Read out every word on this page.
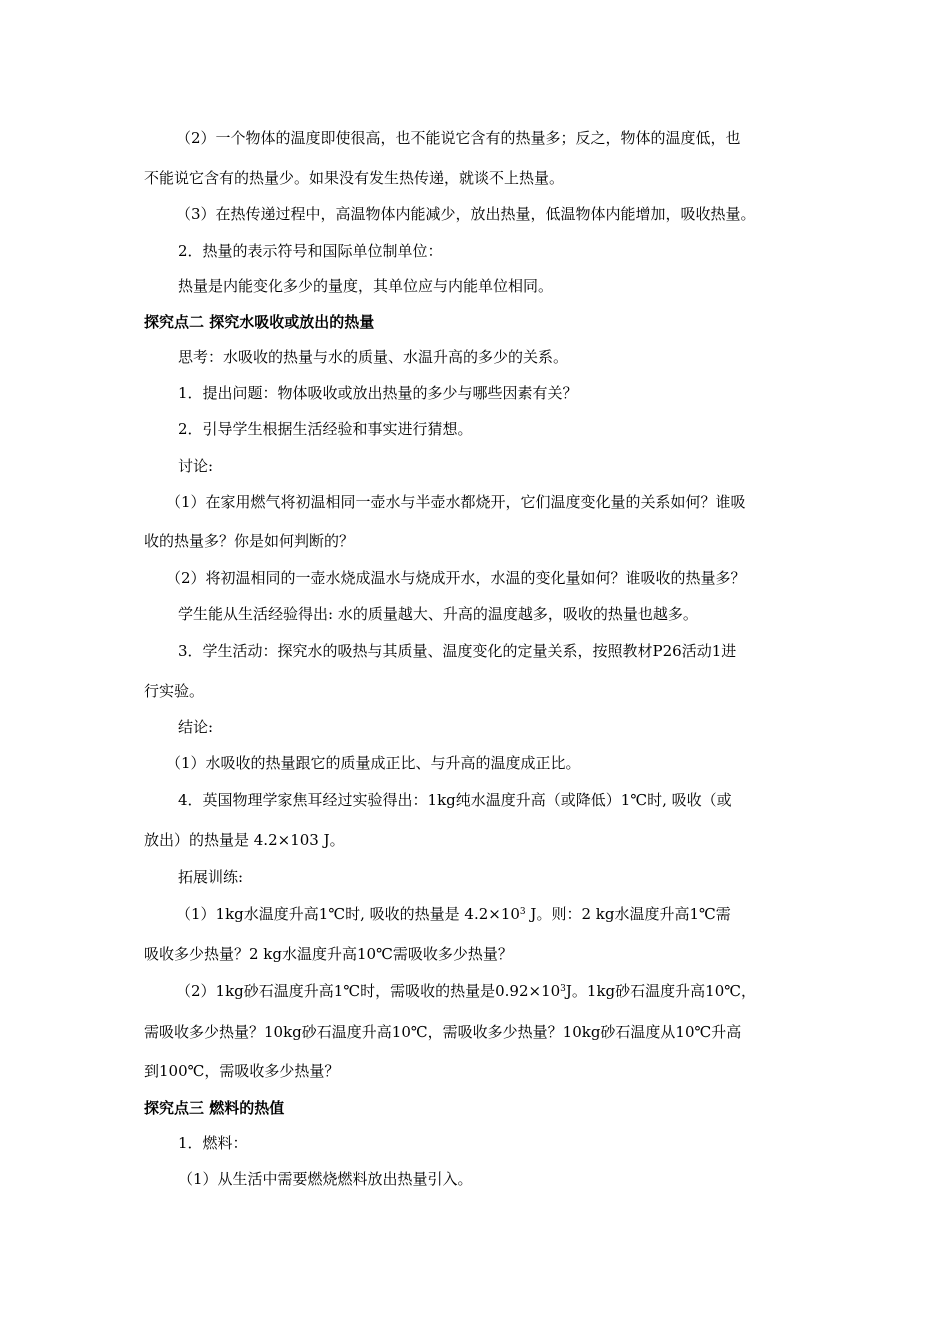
（2）一个物体的温度即使很高，也不能说它含有的热量多；反之，物体的温度低，也
不能说它含有的热量少。如果没有发生热传递，就谈不上热量。
（3）在热传递过程中，高温物体内能减少，放出热量，低温物体内能增加，吸收热量。
2．热量的表示符号和国际单位制单位：
热量是内能变化多少的量度，其单位应与内能单位相同。
探究点二 探究水吸收或放出的热量
思考：水吸收的热量与水的质量、水温升高的多少的关系。
1．提出问题：物体吸收或放出热量的多少与哪些因素有关？
2．引导学生根据生活经验和事实进行猜想。
讨论:
（1）在家用燃气将初温相同一壶水与半壶水都烧开，它们温度变化量的关系如何？谁吸
收的热量多？你是如何判断的？
（2）将初温相同的一壶水烧成温水与烧成开水，水温的变化量如何？谁吸收的热量多？
学生能从生活经验得出: 水的质量越大、升高的温度越多，吸收的热量也越多。
3．学生活动：探究水的吸热与其质量、温度变化的定量关系，按照教材P26活动1进
行实验。
结论:
（1）水吸收的热量跟它的质量成正比、与升高的温度成正比。
4．英国物理学家焦耳经过实验得出：1kg纯水温度升高（或降低）1℃时, 吸收（或
放出）的热量是 4.2×103 J。
拓展训练:
（1）1kg水温度升高1℃时, 吸收的热量是 $4.2\times 10^3$ J。则：2 kg水温度升高1℃需
吸收多少热量？2 kg水温度升高10℃需吸收多少热量？
（2）1kg砂石温度升高1℃时，需吸收的热量是$0.92\times 10^3J$。1kg砂石温度升高10℃，
需吸收多少热量？10kg砂石温度升高10℃，需吸收多少热量？10kg砂石温度从10℃升高
到100℃，需吸收多少热量？
探究点三 燃料的热值
1．燃料：
（1）从生活中需要燃烧燃料放出热量引入。
